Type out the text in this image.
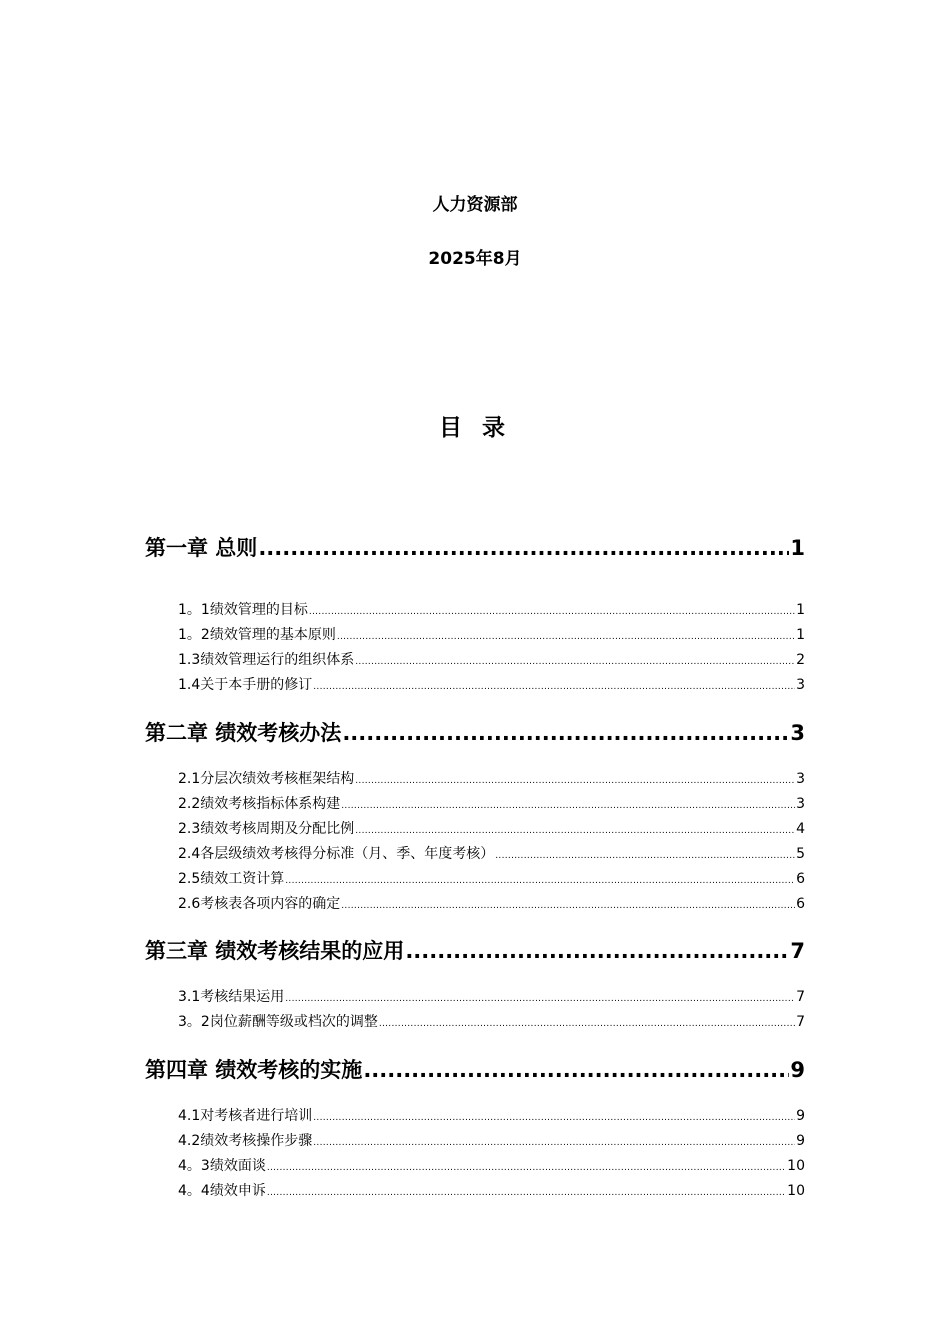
人力资源部
2025年8月
目 录
第一章 总则 .....	1
1。1绩效管理的目标 .....	1
1。2绩效管理的基本原则 .....	1
1.3绩效管理运行的组织体系 .....	2
1.4关于本手册的修订 .....	3
第二章 绩效考核办法 .....	3
2.1分层次绩效考核框架结构 .....	3
2.2绩效考核指标体系构建 .....	3
2.3绩效考核周期及分配比例 .....	4
2.4各层级绩效考核得分标准（月、季、年度考核） .....	5
2.5绩效工资计算 .....	6
2.6考核表各项内容的确定 .....	6
第三章 绩效考核结果的应用 .....	7
3.1考核结果运用 .....	7
3。2岗位薪酬等级或档次的调整 .....	7
第四章 绩效考核的实施 .....	9
4.1对考核者进行培训 .....	9
4.2绩效考核操作步骤 .....	9
4。3绩效面谈 .....	10
4。4绩效申诉 .....	10
